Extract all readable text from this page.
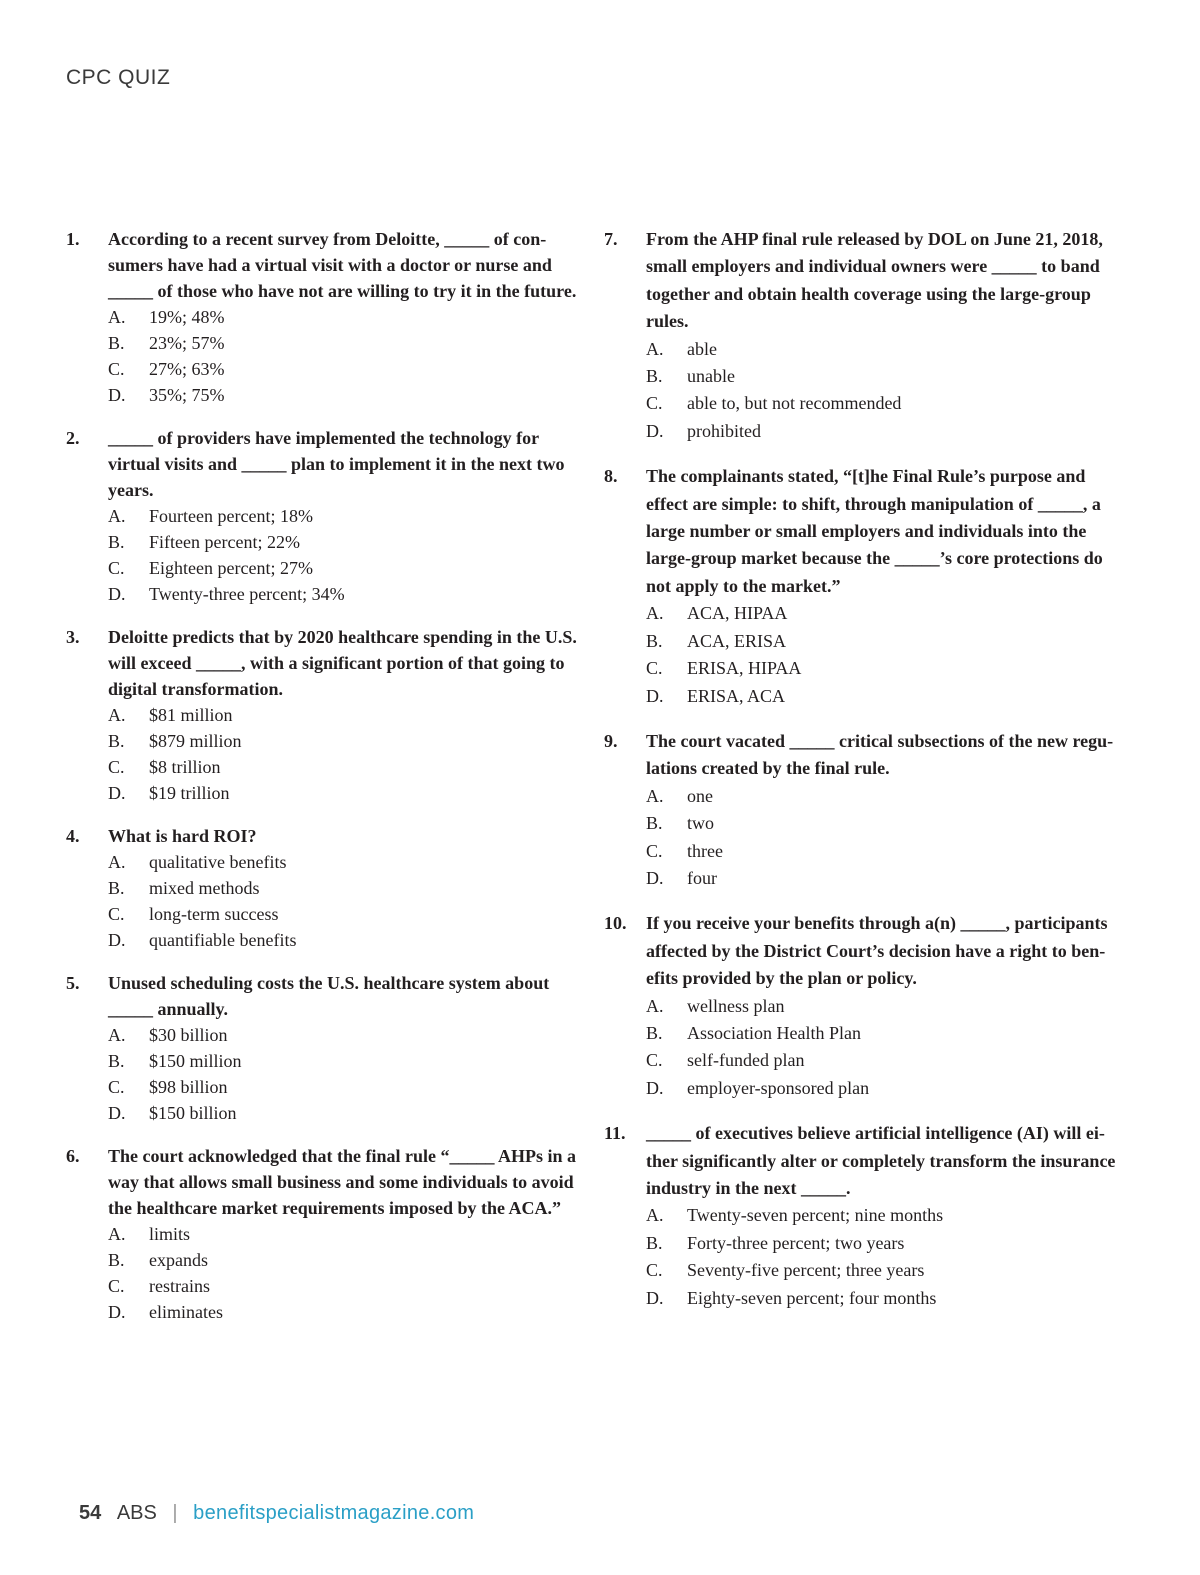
CPC QUIZ
1.	According to a recent survey from Deloitte, _____ of con-sumers have had a virtual visit with a doctor or nurse and _____ of those who have not are willing to try it in the future.
A.	19%; 48%
B.	23%; 57%
C.	27%; 63%
D.	35%; 75%
2.	_____ of providers have implemented the technology for virtual visits and _____ plan to implement it in the next two years.
A.	Fourteen percent; 18%
B.	Fifteen percent; 22%
C.	Eighteen percent; 27%
D.	Twenty-three percent; 34%
3.	Deloitte predicts that by 2020 healthcare spending in the U.S. will exceed _____, with a significant portion of that going to digital transformation.
A.	$81 million
B.	$879 million
C.	$8 trillion
D.	$19 trillion
4.	What is hard ROI?
A.	qualitative benefits
B.	mixed methods
C.	long-term success
D.	quantifiable benefits
5.	Unused scheduling costs the U.S. healthcare system about _____ annually.
A.	$30 billion
B.	$150 million
C.	$98 billion
D.	$150 billion
6.	The court acknowledged that the final rule “_____ AHPs in a way that allows small business and some individuals to avoid the healthcare market requirements imposed by the ACA.”
A.	limits
B.	expands
C.	restrains
D.	eliminates
7.	From the AHP final rule released by DOL on June 21, 2018, small employers and individual owners were _____ to band together and obtain health coverage using the large-group rules.
A.	able
B.	unable
C.	able to, but not recommended
D.	prohibited
8.	The complainants stated, “[t]he Final Rule’s purpose and effect are simple: to shift, through manipulation of _____, a large number or small employers and individuals into the large-group market because the _____’s core protections do not apply to the market.”
A.	ACA, HIPAA
B.	ACA, ERISA
C.	ERISA, HIPAA
D.	ERISA, ACA
9.	The court vacated _____ critical subsections of the new regu-lations created by the final rule.
A.	one
B.	two
C.	three
D.	four
10.	If you receive your benefits through a(n) _____, participants affected by the District Court’s decision have a right to ben-efits provided by the plan or policy.
A.	wellness plan
B.	Association Health Plan
C.	self-funded plan
D.	employer-sponsored plan
11.	_____ of executives believe artificial intelligence (AI) will ei-ther significantly alter or completely transform the insurance industry in the next _____.
A.	Twenty-seven percent; nine months
B.	Forty-three percent; two years
C.	Seventy-five percent; three years
D.	Eighty-seven percent; four months
54 ABS | benefitspecialistmagazine.com
